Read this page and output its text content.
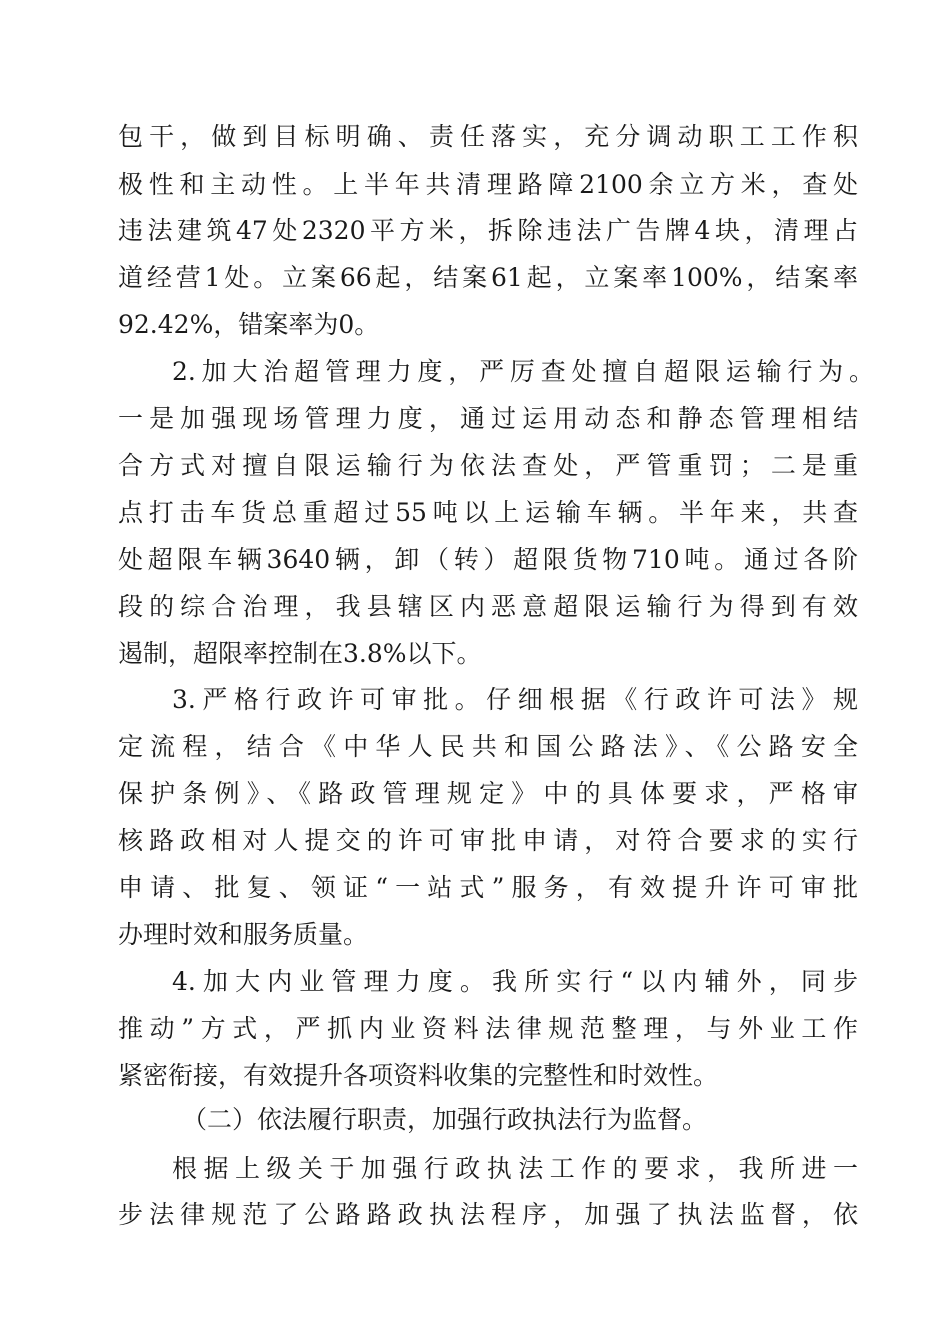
包干，做到目标明确、责任落实，充分调动职工工作积
极性和主动性。上半年共清理路障2100余立方米，查处
违法建筑47处2320平方米，拆除违法广告牌4块，清理占
道经营1处。立案66起，结案61起，立案率100%，结案率
92.42%，错案率为0。
2.加大治超管理力度，严厉查处擅自超限运输行为。
一是加强现场管理力度，通过运用动态和静态管理相结
合方式对擅自限运输行为依法查处，严管重罚；二是重
点打击车货总重超过55吨以上运输车辆。半年来，共查
处超限车辆3640辆，卸（转）超限货物710吨。通过各阶
段的综合治理，我县辖区内恶意超限运输行为得到有效
遏制，超限率控制在3.8%以下。
3.严格行政许可审批。仔细根据《行政许可法》规
定流程，结合《中华人民共和国公路法》、《公路安全
保护条例》、《路政管理规定》中的具体要求，严格审
核路政相对人提交的许可审批申请，对符合要求的实行
申请、批复、领证“一站式”服务，有效提升许可审批
办理时效和服务质量。
4.加大内业管理力度。我所实行“以内辅外，同步
推动”方式，严抓内业资料法律规范整理，与外业工作
紧密衔接，有效提升各项资料收集的完整性和时效性。
（二）依法履行职责，加强行政执法行为监督。
根据上级关于加强行政执法工作的要求，我所进一
步法律规范了公路路政执法程序，加强了执法监督，依
